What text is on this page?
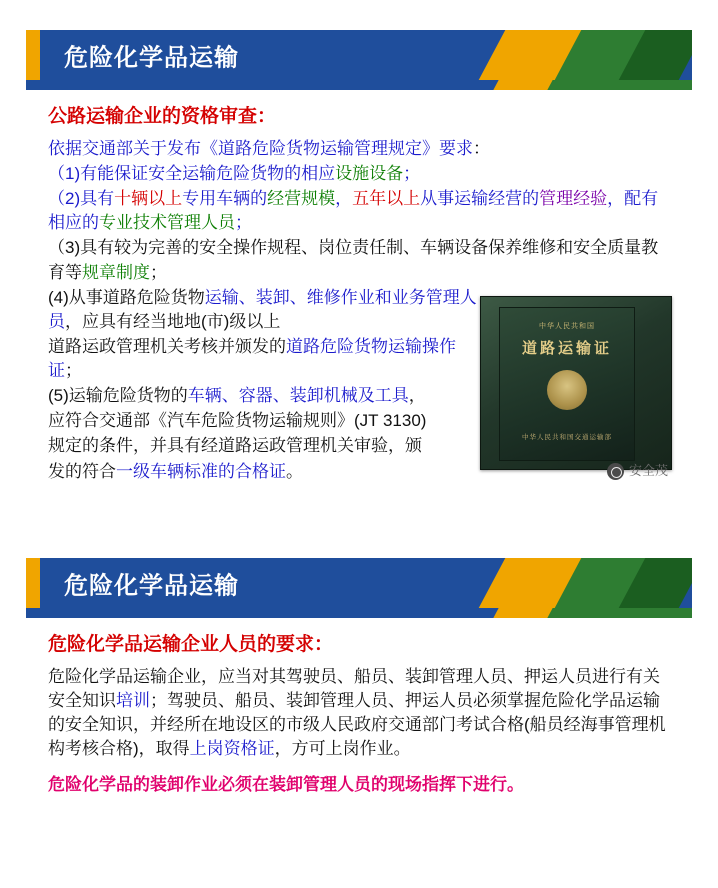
危险化学品运输
公路运输企业的资格审查：

依据交通部关于发布《道路危险货物运输管理规定》要求：

（1)有能保证安全运输危险货物的相应设施设备；

（2)具有十辆以上专用车辆的经营规模，五年以上从事运输经营的管理经验，配有相应的专业技术管理人员；

（3)具有较为完善的安全操作规程、岗位责任制、车辆设备保养维修和安全质量教育等规章制度；

(4)从事道路危险货物运输、装卸、维修作业和业务管理人员，应具有经当地地(市)级以上

道路运政管理机关考核并颁发的道路危险货物运输操作证；

(5)运输危险货物的车辆、容器、装卸机械及工具，

应符合交通部《汽车危险货物运输规则》(JT 3130)

规定的条件，并具有经道路运政管理机关审验，颁

发的符合一级车辆标准的合格证。

中华人民共和国
道路运输证
中华人民共和国交通运输部
安全茂
危险化学品运输
危险化学品运输企业人员的要求：

危险化学品运输企业，应当对其驾驶员、船员、装卸管理人员、押运人员进行有关安全知识培训；驾驶员、船员、装卸管理人员、押运人员必须掌握危险化学品运输的安全知识，并经所在地设区的市级人民政府交通部门考试合格(船员经海事管理机构考核合格)，取得上岗资格证，方可上岗作业。

危险化学品的装卸作业必须在装卸管理人员的现场指挥下进行。
